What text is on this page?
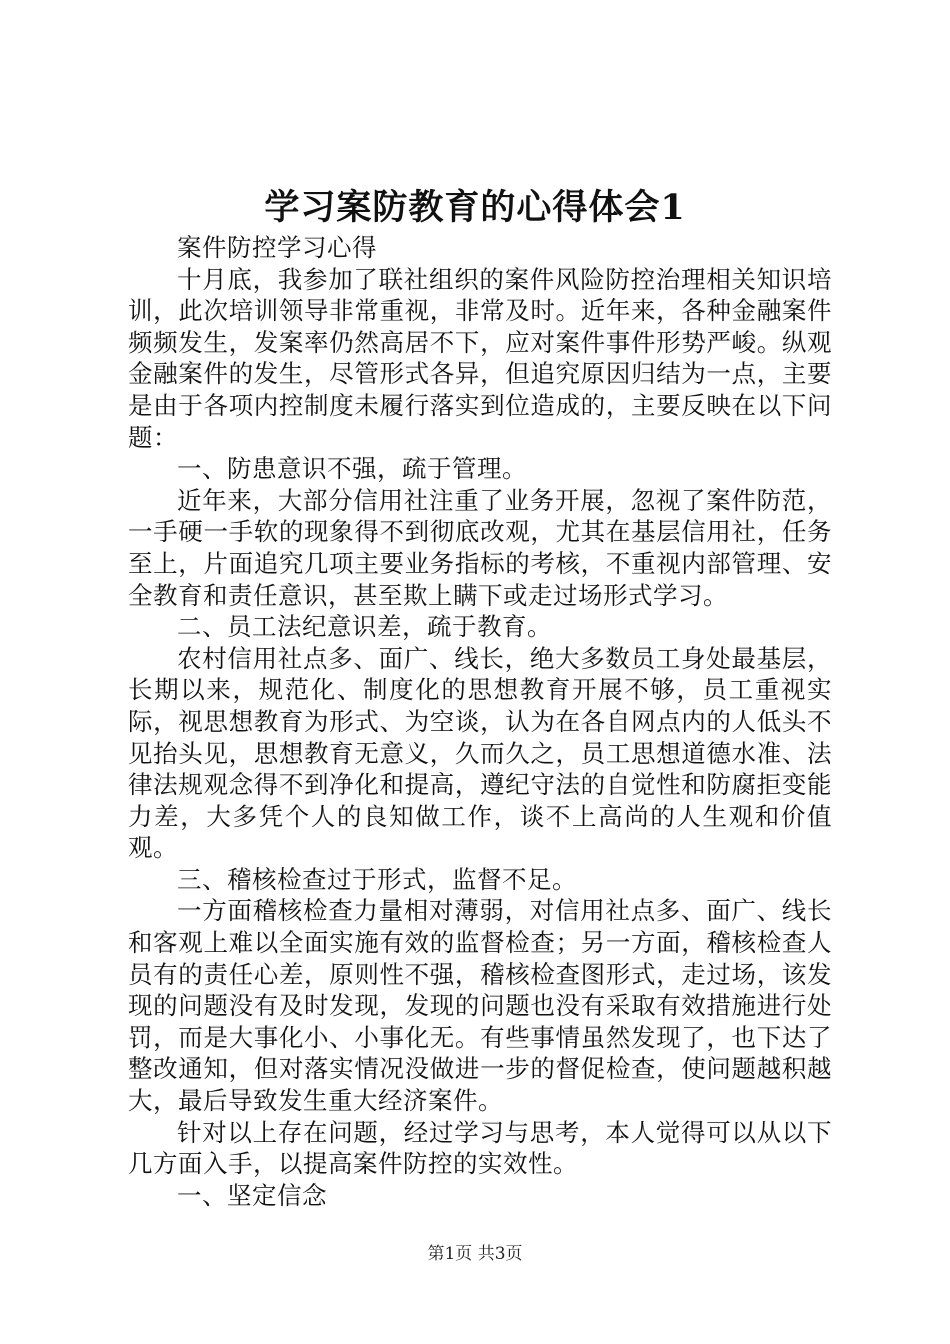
学习案防教育的心得体会1

案件防控学习心得

十月底，我参加了联社组织的案件风险防控治理相关知识培训，此次培训领导非常重视，非常及时。近年来，各种金融案件频频发生，发案率仍然高居不下，应对案件事件形势严峻。纵观金融案件的发生，尽管形式各异，但追究原因归结为一点，主要是由于各项内控制度未履行落实到位造成的，主要反映在以下问题：

一、防患意识不强，疏于管理。

近年来，大部分信用社注重了业务开展，忽视了案件防范，一手硬一手软的现象得不到彻底改观，尤其在基层信用社，任务至上，片面追究几项主要业务指标的考核，不重视内部管理、安全教育和责任意识，甚至欺上瞒下或走过场形式学习。

二、员工法纪意识差，疏于教育。

农村信用社点多、面广、线长，绝大多数员工身处最基层，长期以来，规范化、制度化的思想教育开展不够，员工重视实际，视思想教育为形式、为空谈，认为在各自网点内的人低头不见抬头见，思想教育无意义，久而久之，员工思想道德水准、法律法规观念得不到净化和提高，遵纪守法的自觉性和防腐拒变能力差，大多凭个人的良知做工作，谈不上高尚的人生观和价值观。

三、稽核检查过于形式，监督不足。

一方面稽核检查力量相对薄弱，对信用社点多、面广、线长和客观上难以全面实施有效的监督检查；另一方面，稽核检查人员有的责任心差，原则性不强，稽核检查图形式，走过场，该发现的问题没有及时发现，发现的问题也没有采取有效措施进行处罚，而是大事化小、小事化无。有些事情虽然发现了，也下达了整改通知，但对落实情况没做进一步的督促检查，使问题越积越大，最后导致发生重大经济案件。

针对以上存在问题，经过学习与思考，本人觉得可以从以下几方面入手，以提高案件防控的实效性。

一、坚定信念

第1页 共3页
